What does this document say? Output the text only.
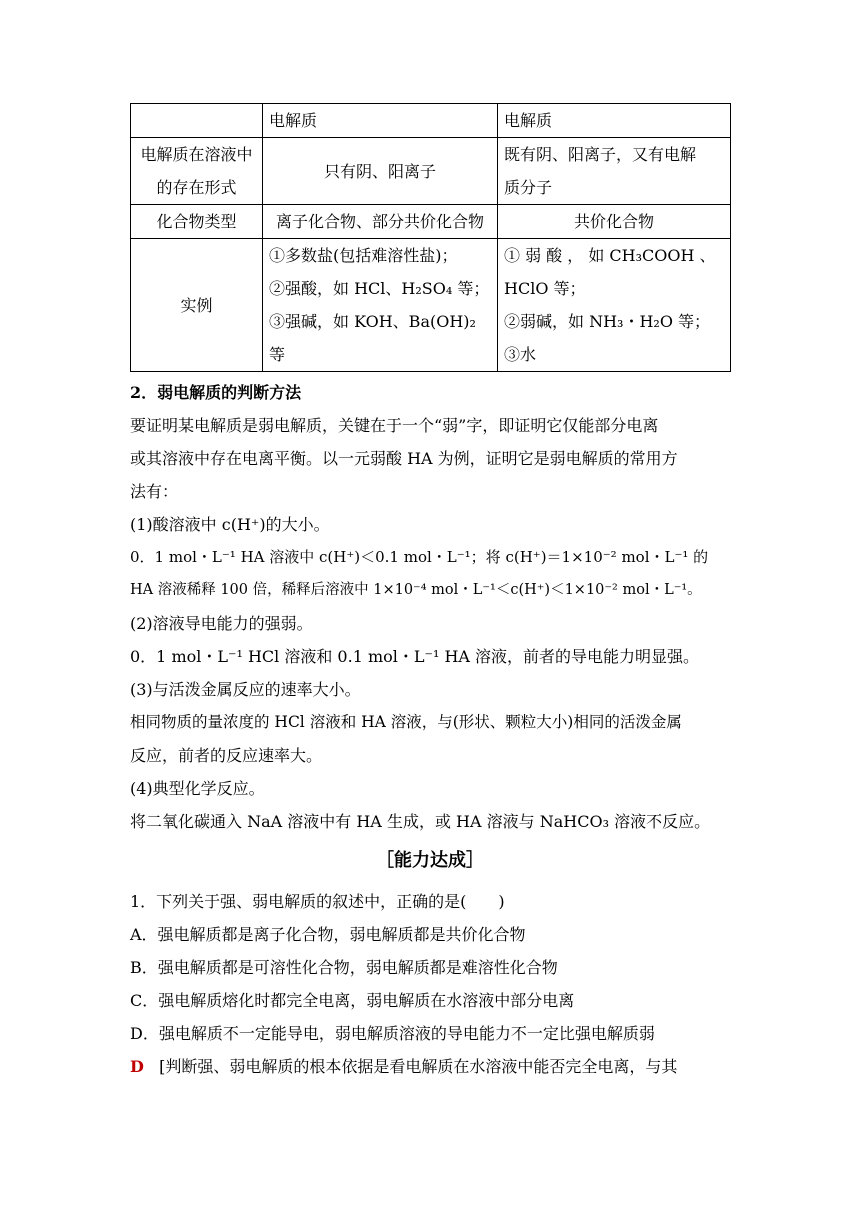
	电解质	电解质
电解质在溶液中的存在形式	只有阴、阳离子	既有阴、阳离子，又有电解
质分子

化合物类型	离子化合物、部分共价化合物	共价化合物
实例	①多数盐(包括难溶性盐)；
②强酸，如 HCl、H₂SO₄ 等；
③强碱，如 KOH、Ba(OH)₂
等	① 弱 酸 ， 如 CH₃COOH 、
HClO 等；
②弱碱，如 NH₃・H₂O 等；
③水
2．弱电解质的判断方法
要证明某电解质是弱电解质，关键在于一个“弱”字，即证明它仅能部分电离
或其溶液中存在电离平衡。以一元弱酸 HA 为例，证明它是弱电解质的常用方
法有：
(1)酸溶液中 c(H⁺)的大小。
0．1 mol・L⁻¹ HA 溶液中 c(H⁺)＜0.1 mol・L⁻¹；将 c(H⁺)＝1×10⁻² mol・L⁻¹ 的
HA 溶液稀释 100 倍，稀释后溶液中 1×10⁻⁴ mol・L⁻¹＜c(H⁺)＜1×10⁻² mol・L⁻¹。
(2)溶液导电能力的强弱。
0．1 mol・L⁻¹ HCl 溶液和 0.1 mol・L⁻¹ HA 溶液，前者的导电能力明显强。
(3)与活泼金属反应的速率大小。
相同物质的量浓度的 HCl 溶液和 HA 溶液，与(形状、颗粒大小)相同的活泼金属
反应，前者的反应速率大。
(4)典型化学反应。
将二氧化碳通入 NaA 溶液中有 HA 生成，或 HA 溶液与 NaHCO₃ 溶液不反应。
［能力达成］
1．下列关于强、弱电解质的叙述中，正确的是(　　)
A．强电解质都是离子化合物，弱电解质都是共价化合物
B．强电解质都是可溶性化合物，弱电解质都是难溶性化合物
C．强电解质熔化时都完全电离，弱电解质在水溶液中部分电离
D．强电解质不一定能导电，弱电解质溶液的导电能力不一定比强电解质弱
D [判断强、弱电解质的根本依据是看电解质在水溶液中能否完全电离，与其
